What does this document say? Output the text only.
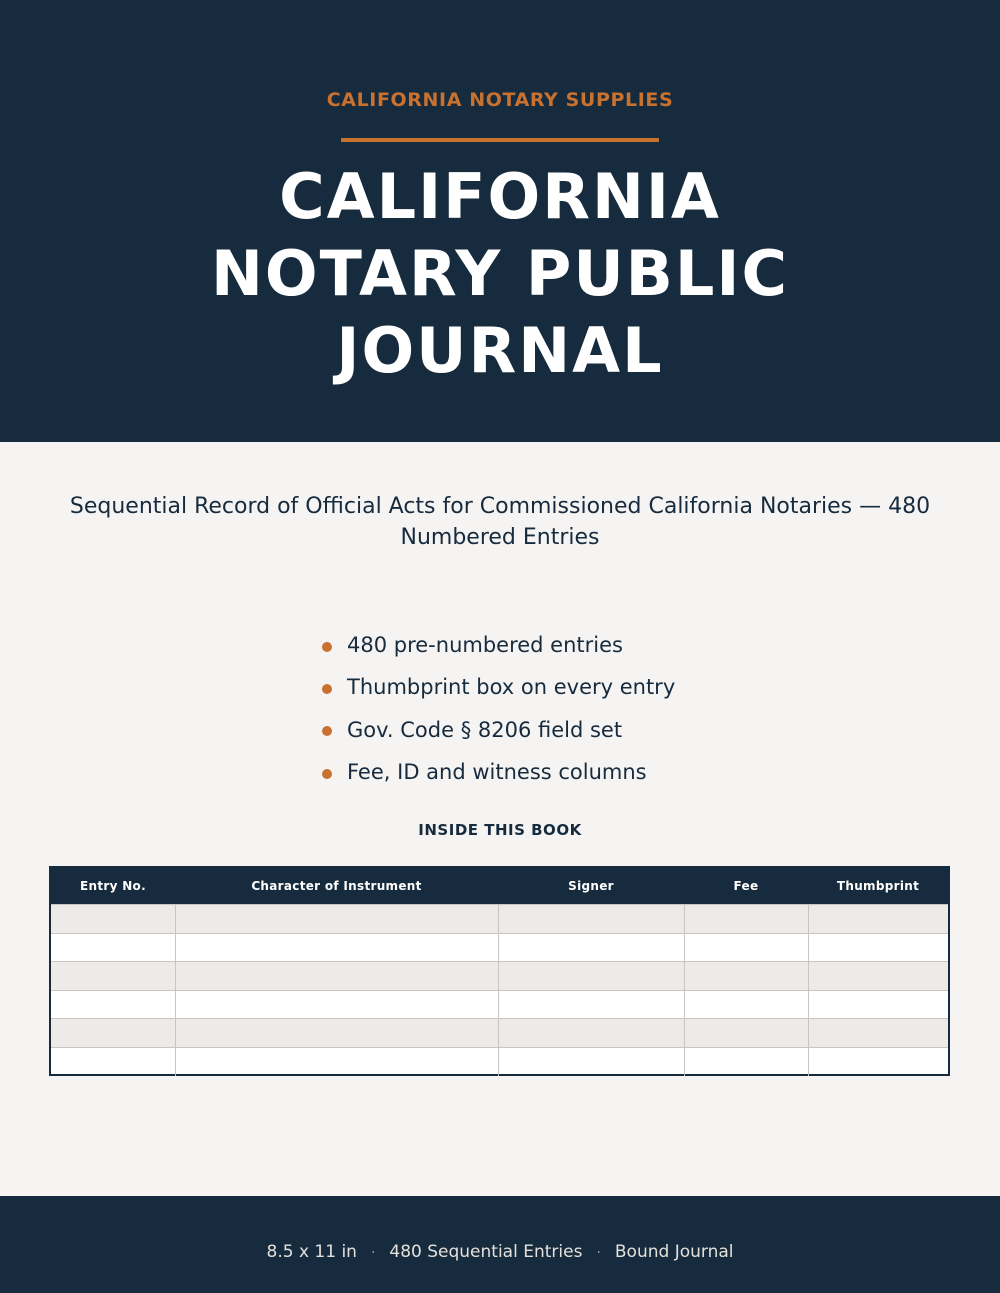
CALIFORNIA NOTARY SUPPLIES
CALIFORNIA
NOTARY PUBLIC
JOURNAL
Sequential Record of Official Acts for Commissioned California Notaries — 480 Numbered Entries
480 pre-numbered entries
Thumbprint box on every entry
Gov. Code § 8206 field set
Fee, ID and witness columns
INSIDE THIS BOOK
Entry No.	Character of Instrument	Signer	Fee	Thumbprint
8.5 x 11 in · 480 Sequential Entries · Bound Journal
